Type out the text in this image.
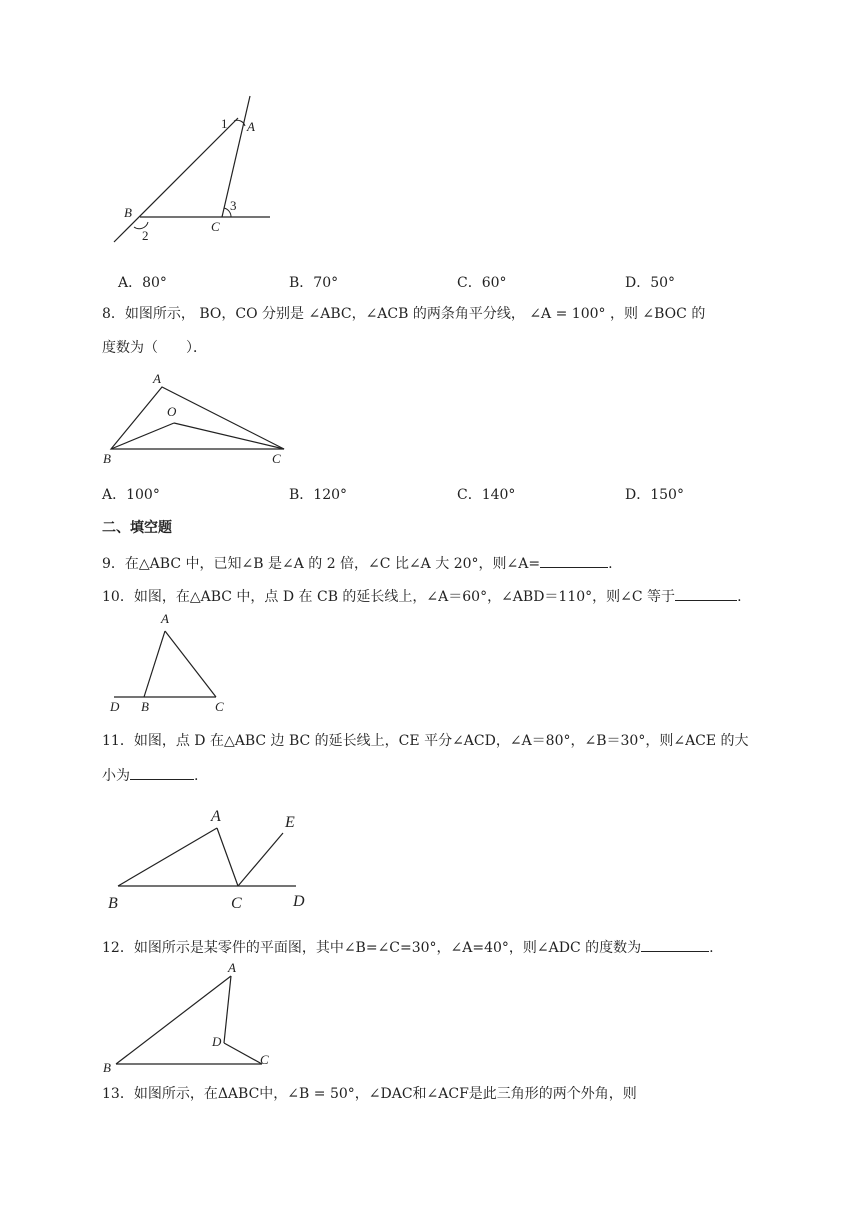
1 A
B
2
3
C
A．80°	B．70°	C．60°	D．50°
8．如图所示， BO，CO 分别是 ∠ABC，∠ACB 的两条角平分线， ∠A = 100° ，则 ∠BOC 的
度数为（　　）．
A
O
B	C
A．100°	B．120°	C．140°	D．150°
二、填空题
9．在△ABC 中，已知∠B 是∠A 的 2 倍，∠C 比∠A 大 20°，则∠A=	.
10．如图，在△ABC 中，点 D 在 CB 的延长线上，∠A＝60°，∠ABD＝110°，则∠C 等于	.
A
D B	C
11．如图，点 D 在△ABC 边 BC 的延长线上，CE 平分∠ACD，∠A＝80°，∠B＝30°，则∠ACE 的大
小为	.
A	E
B	C	D
12．如图所示是某零件的平面图，其中∠B=∠C=30°，∠A=40°，则∠ADC 的度数为	.
A
D
B
C
13．如图所示，在ΔABC中，∠B = 50°，∠DAC和∠ACF是此三角形的两个外角，则
